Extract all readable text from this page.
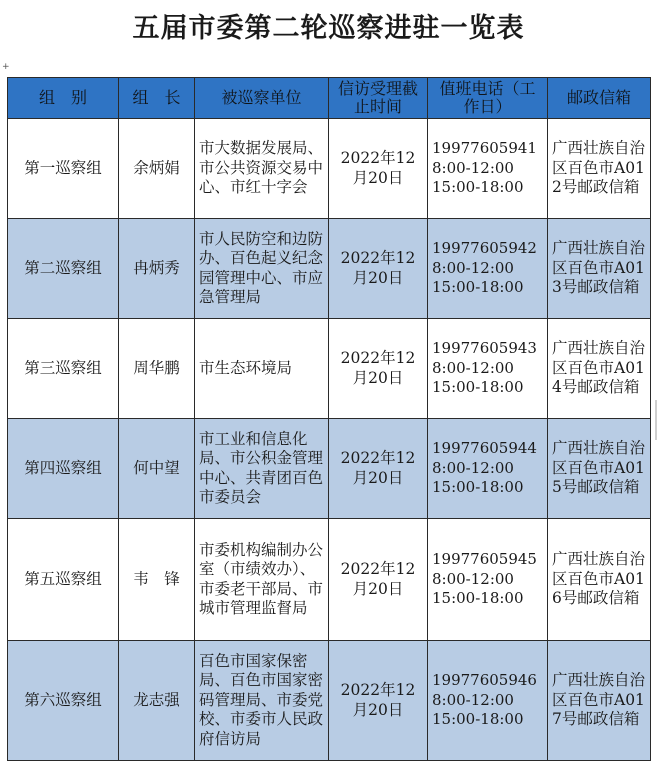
五届市委第二轮巡察进驻一览表
+
组　别	组　长	被巡察单位	信访受理截止时间	值班电话（工作日）	邮政信箱
第一巡察组	余炳娟	市大数据发展局、市公共资源交易中心、市红十字会	2022年12月20日	19977605941
8:00-12:00
15:00-18:00	广西壮族自治区百色市A012号邮政信箱
第二巡察组	冉炳秀	市人民防空和边防办、百色起义纪念园管理中心、市应急管理局	2022年12月20日	19977605942
8:00-12:00
15:00-18:00	广西壮族自治区百色市A013号邮政信箱
第三巡察组	周华鹏	市生态环境局	2022年12月20日	19977605943
8:00-12:00
15:00-18:00	广西壮族自治区百色市A014号邮政信箱
第四巡察组	何中望	市工业和信息化局、市公积金管理中心、共青团百色市委员会	2022年12月20日	19977605944
8:00-12:00
15:00-18:00	广西壮族自治区百色市A015号邮政信箱
第五巡察组	韦　锋	市委机构编制办公室（市绩效办）、市委老干部局、市城市管理监督局	2022年12月20日	19977605945
8:00-12:00
15:00-18:00	广西壮族自治区百色市A016号邮政信箱
第六巡察组	龙志强	百色市国家保密局、百色市国家密码管理局、市委党校、市委市人民政府信访局	2022年12月20日	19977605946
8:00-12:00
15:00-18:00	广西壮族自治区百色市A017号邮政信箱
